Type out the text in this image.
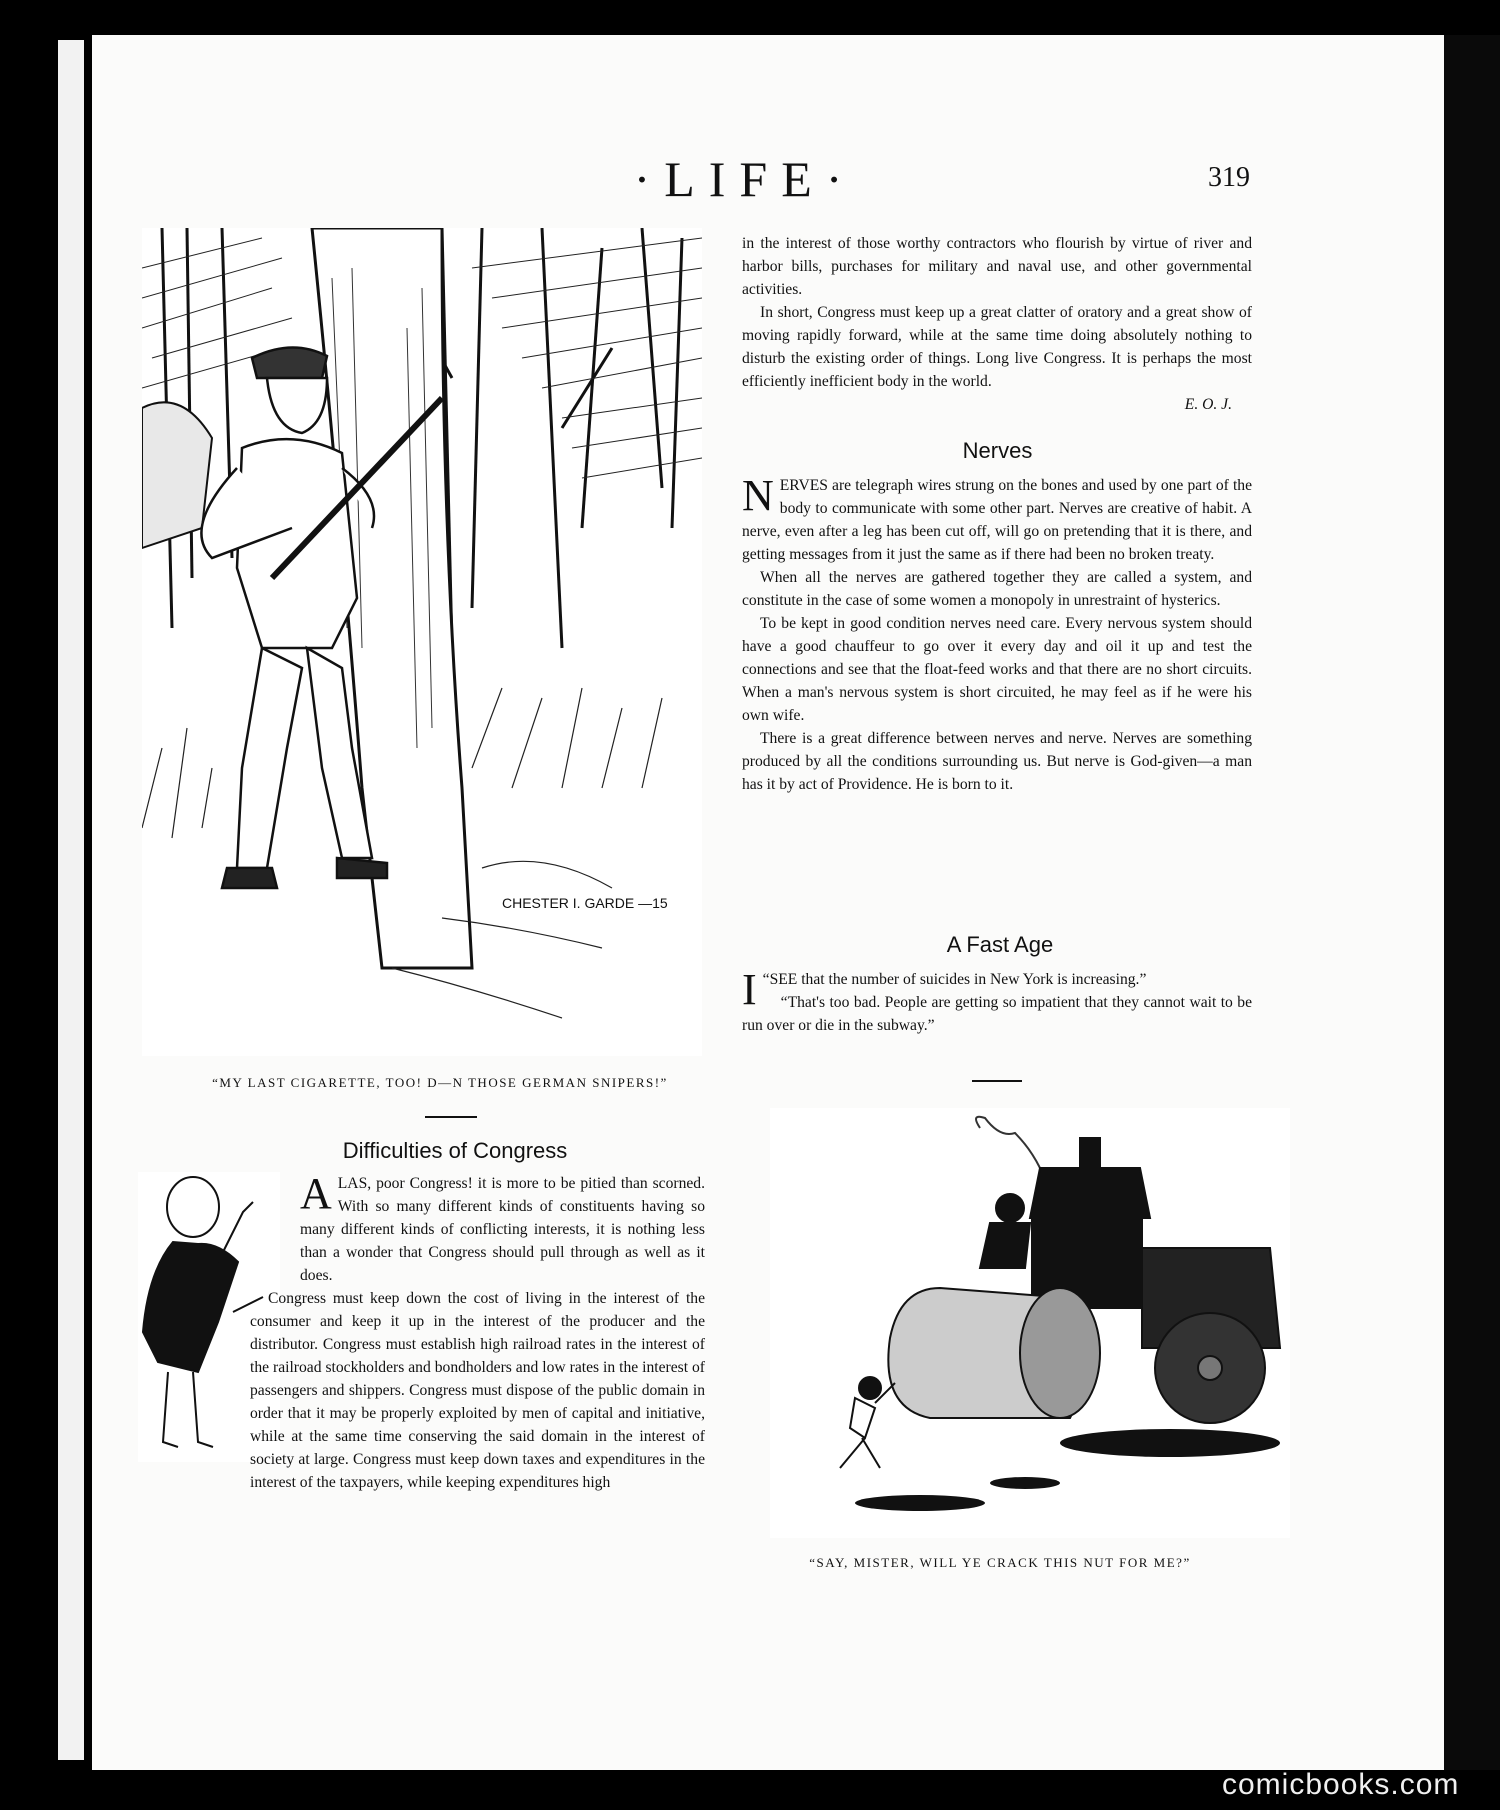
·LIFE·	319
CHESTER I. GARDE —15
“MY LAST CIGARETTE, TOO! D—N THOSE GERMAN SNIPERS!”
Difficulties of Congress

ALAS, poor Congress! it is more to be pitied than scorned. With so many different kinds of constituents having so many different kinds of conflicting interests, it is nothing less than a wonder that Congress should pull through as well as it does.

Congress must keep down the cost of living in the interest of the consumer and keep it up in the interest of the producer and the distributor. Congress must establish high railroad rates in the interest of the railroad stockholders and bondholders and low rates in the interest of passengers and shippers. Congress must dispose of the public domain in order that it may be properly exploited by men of capital and initiative, while at the same time conserving the said domain in the interest of society at large. Congress must keep down taxes and expenditures in the interest of the taxpayers, while keeping expenditures high

in the interest of those worthy contractors who flourish by virtue of river and harbor bills, purchases for military and naval use, and other governmental activities.

In short, Congress must keep up a great clatter of oratory and a great show of moving rapidly forward, while at the same time doing absolutely nothing to disturb the existing order of things. Long live Congress. It is perhaps the most efficiently inefficient body in the world.

E. O. J.
Nerves

NERVES are telegraph wires strung on the bones and used by one part of the body to communicate with some other part. Nerves are creative of habit. A nerve, even after a leg has been cut off, will go on pretending that it is there, and getting messages from it just the same as if there had been no broken treaty.

When all the nerves are gathered together they are called a system, and constitute in the case of some women a monopoly in unrestraint of hysterics.

To be kept in good condition nerves need care. Every nervous system should have a good chauffeur to go over it every day and oil it up and test the connections and see that the float-feed works and that there are no short circuits. When a man's nervous system is short circuited, he may feel as if he were his own wife.

There is a great difference between nerves and nerve. Nerves are something produced by all the conditions surrounding us. But nerve is God-given—a man has it by act of Providence. He is born to it.

A Fast Age

“
I SEE that the number of suicides in New York is increasing.”

“That's too bad. People are getting so impatient that they cannot wait to be run over or die in the subway.”

“SAY, MISTER, WILL YE CRACK THIS NUT FOR ME?”
comicbooks.com
